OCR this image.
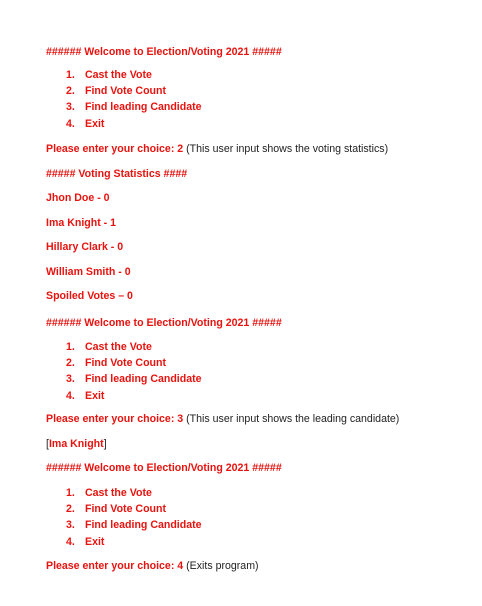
###### Welcome to Election/Voting 2021 #####
1. Cast the Vote
2. Find Vote Count
3. Find leading Candidate
4. Exit
Please enter your choice: 2 (This user input shows the voting statistics)
##### Voting Statistics ####
Jhon Doe - 0
Ima Knight - 1
Hillary Clark - 0
William Smith - 0
Spoiled Votes – 0
###### Welcome to Election/Voting 2021 #####
1. Cast the Vote
2. Find Vote Count
3. Find leading Candidate
4. Exit
Please enter your choice: 3 (This user input shows the leading candidate)
[Ima Knight]
###### Welcome to Election/Voting 2021 #####
1. Cast the Vote
2. Find Vote Count
3. Find leading Candidate
4. Exit
Please enter your choice: 4 (Exits program)
